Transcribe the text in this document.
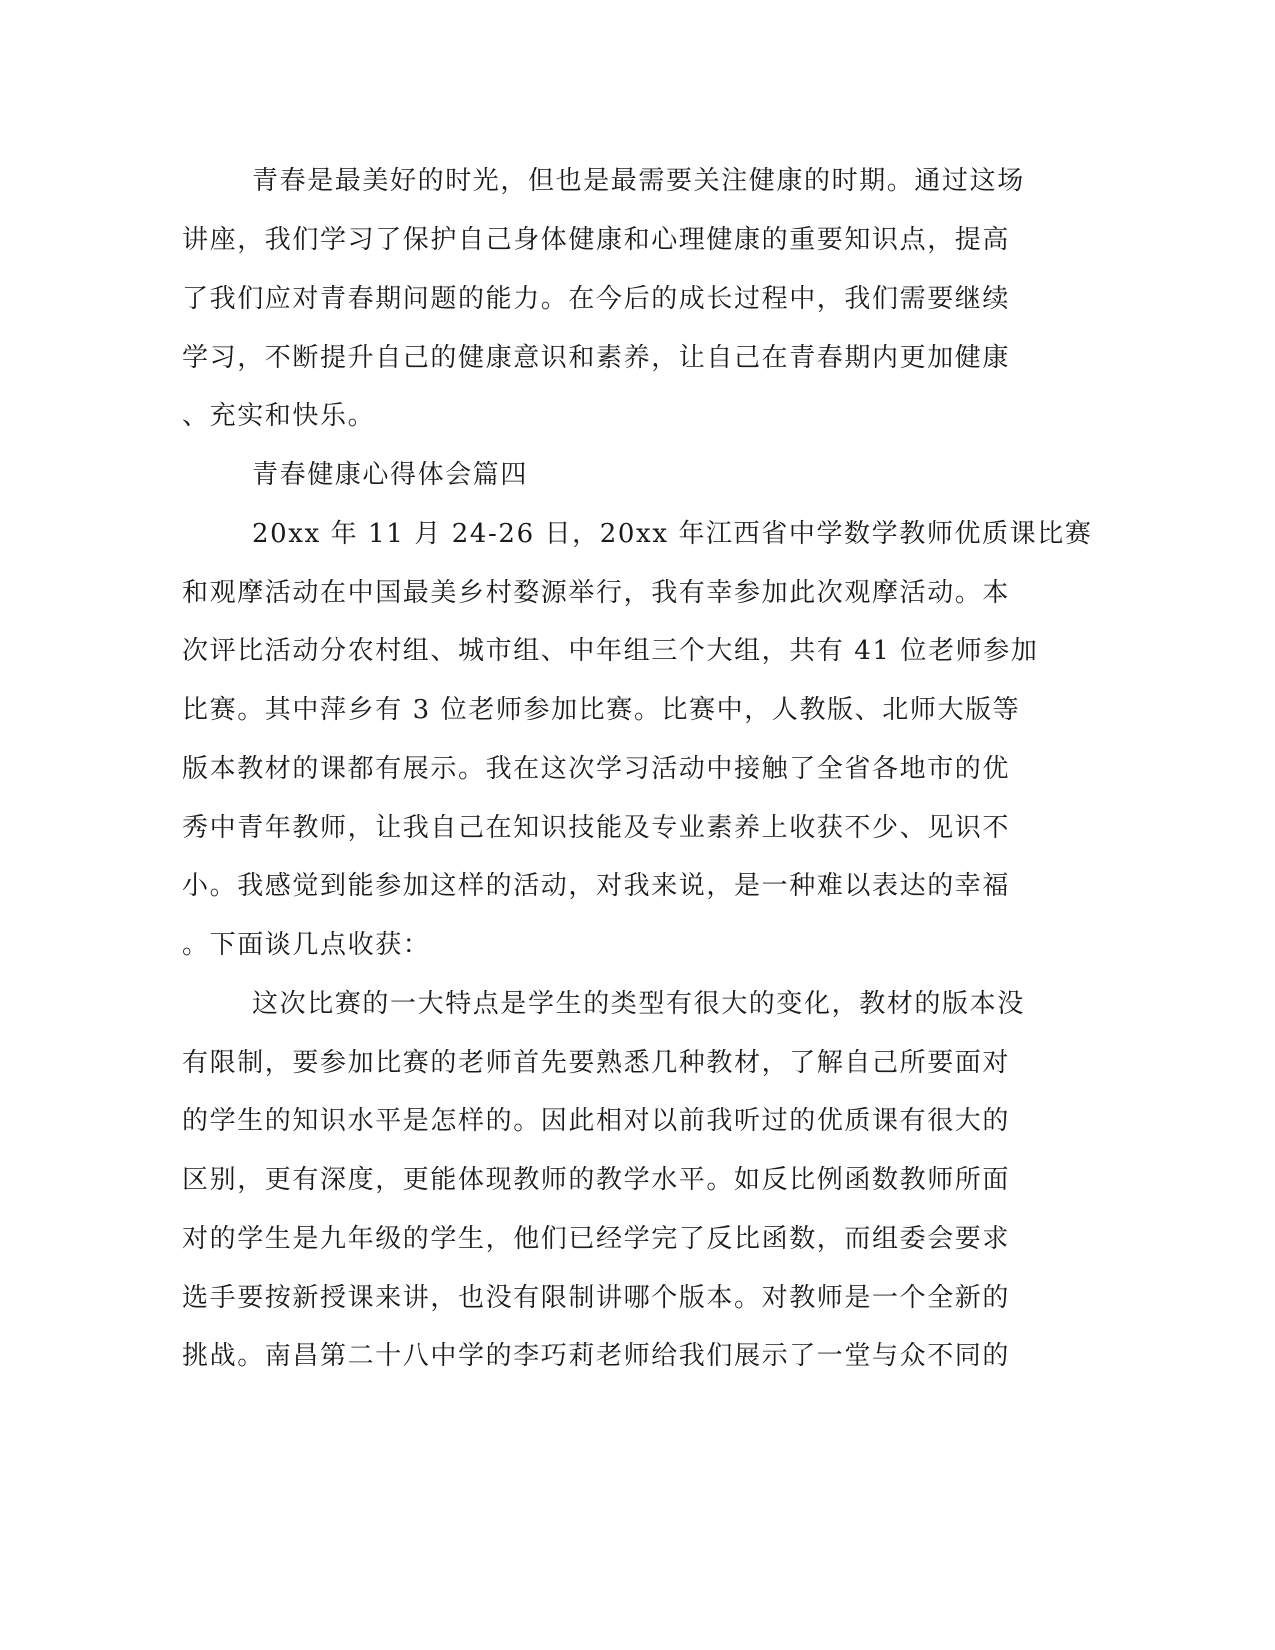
青春是最美好的时光，但也是最需要关注健康的时期。通过这场

讲座，我们学习了保护自己身体健康和心理健康的重要知识点，提高

了我们应对青春期问题的能力。在今后的成长过程中，我们需要继续

学习，不断提升自己的健康意识和素养，让自己在青春期内更加健康

、充实和快乐。

青春健康心得体会篇四

20xx 年 11 月 24-26 日，20xx 年江西省中学数学教师优质课比赛

和观摩活动在中国最美乡村婺源举行，我有幸参加此次观摩活动。本

次评比活动分农村组、城市组、中年组三个大组，共有 41 位老师参加

比赛。其中萍乡有 3 位老师参加比赛。比赛中，人教版、北师大版等

版本教材的课都有展示。我在这次学习活动中接触了全省各地市的优

秀中青年教师，让我自己在知识技能及专业素养上收获不少、见识不

小。我感觉到能参加这样的活动，对我来说，是一种难以表达的幸福

。下面谈几点收获：

这次比赛的一大特点是学生的类型有很大的变化，教材的版本没

有限制，要参加比赛的老师首先要熟悉几种教材，了解自己所要面对

的学生的知识水平是怎样的。因此相对以前我听过的优质课有很大的

区别，更有深度，更能体现教师的教学水平。如反比例函数教师所面

对的学生是九年级的学生，他们已经学完了反比函数，而组委会要求

选手要按新授课来讲，也没有限制讲哪个版本。对教师是一个全新的

挑战。南昌第二十八中学的李巧莉老师给我们展示了一堂与众不同的
